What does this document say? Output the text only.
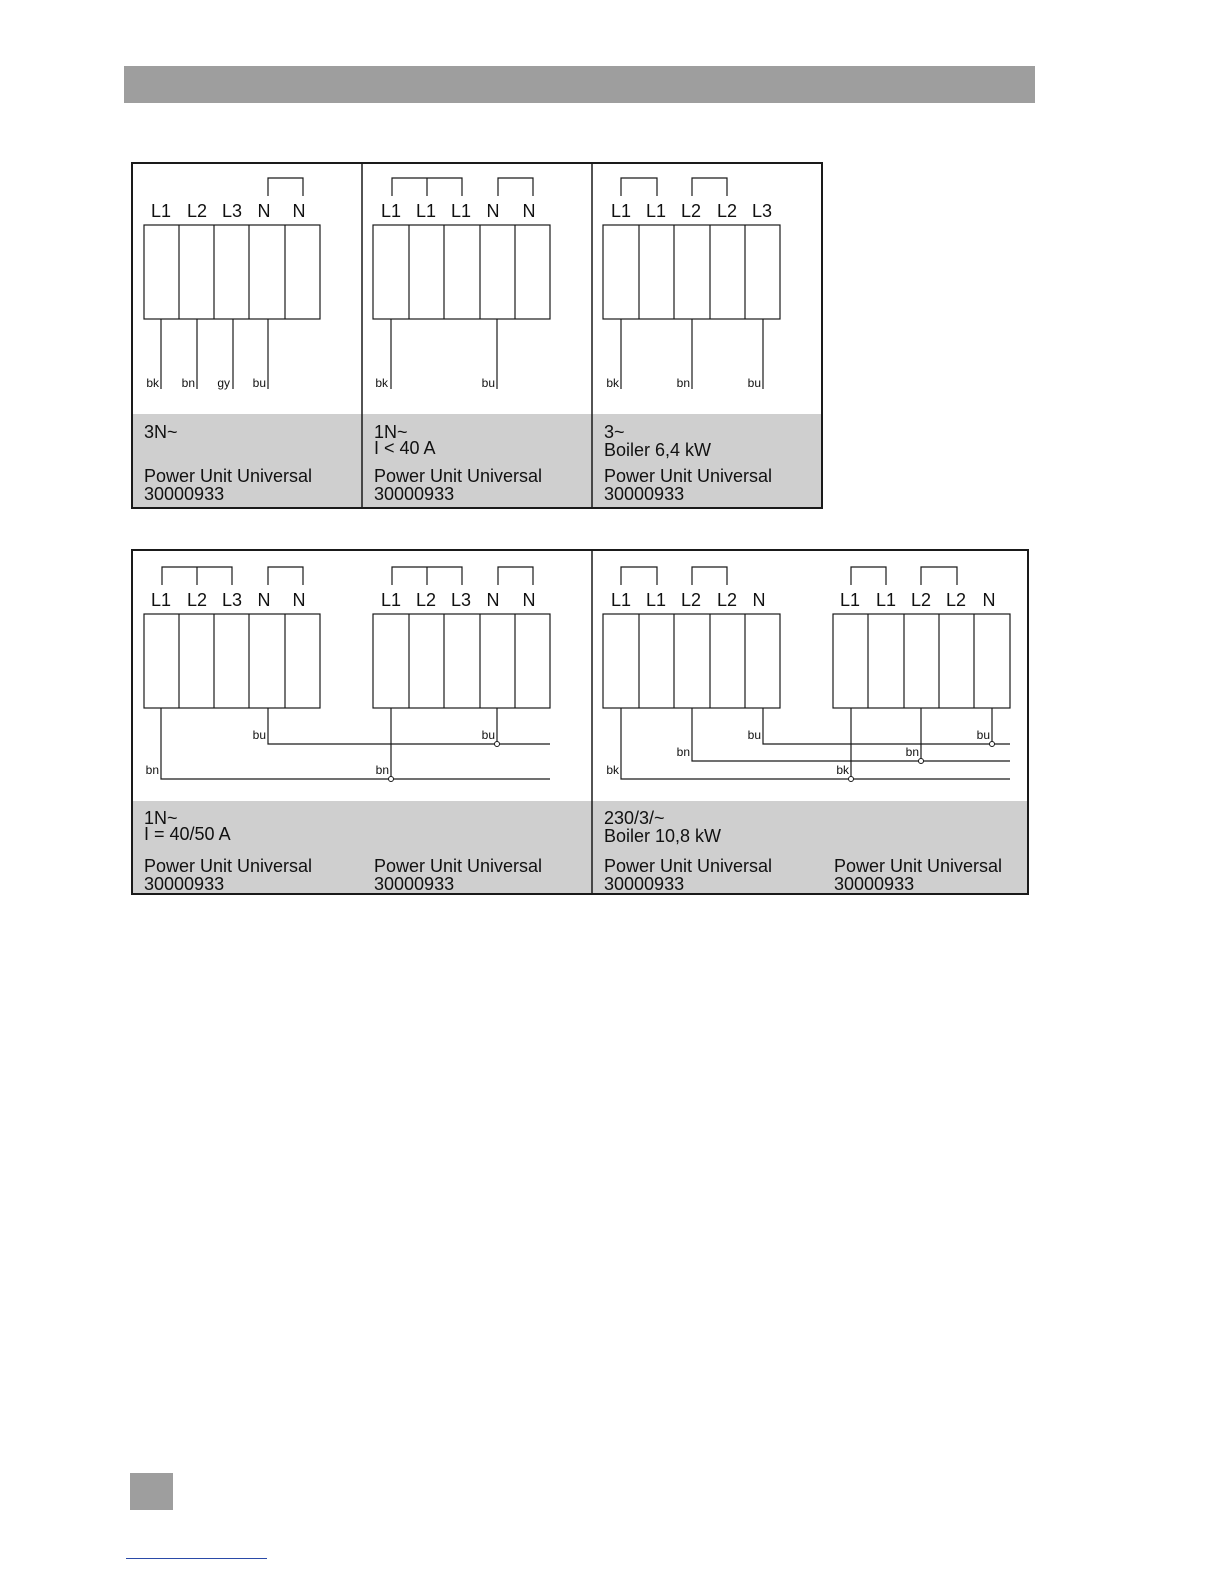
L1 L2 L3 N N
bk bn gy bu
3N~
Power Unit Universal
30000933
L1 L1 L1 N N
bk	bu
1N~
I < 40 A
Power Unit Universal
30000933
L1 L1 L2 L2 L3
bk	bn	bu
3~
Boiler 6,4 kW
Power Unit Universal
30000933
L1 L2 L3 N N	L1 L2 L3 N N
bu	bu
bn	bn
1N~
I = 40/50 A
Power Unit Universal
30000933
Power Unit Universal
30000933
L1 L1 L2 L2 N	L1 L1 L2 L2 N
bu	bu
bn	bn
bk	bk
230/3/~
Boiler 10,8 kW
Power Unit Universal
30000933
Power Unit Universal
30000933
